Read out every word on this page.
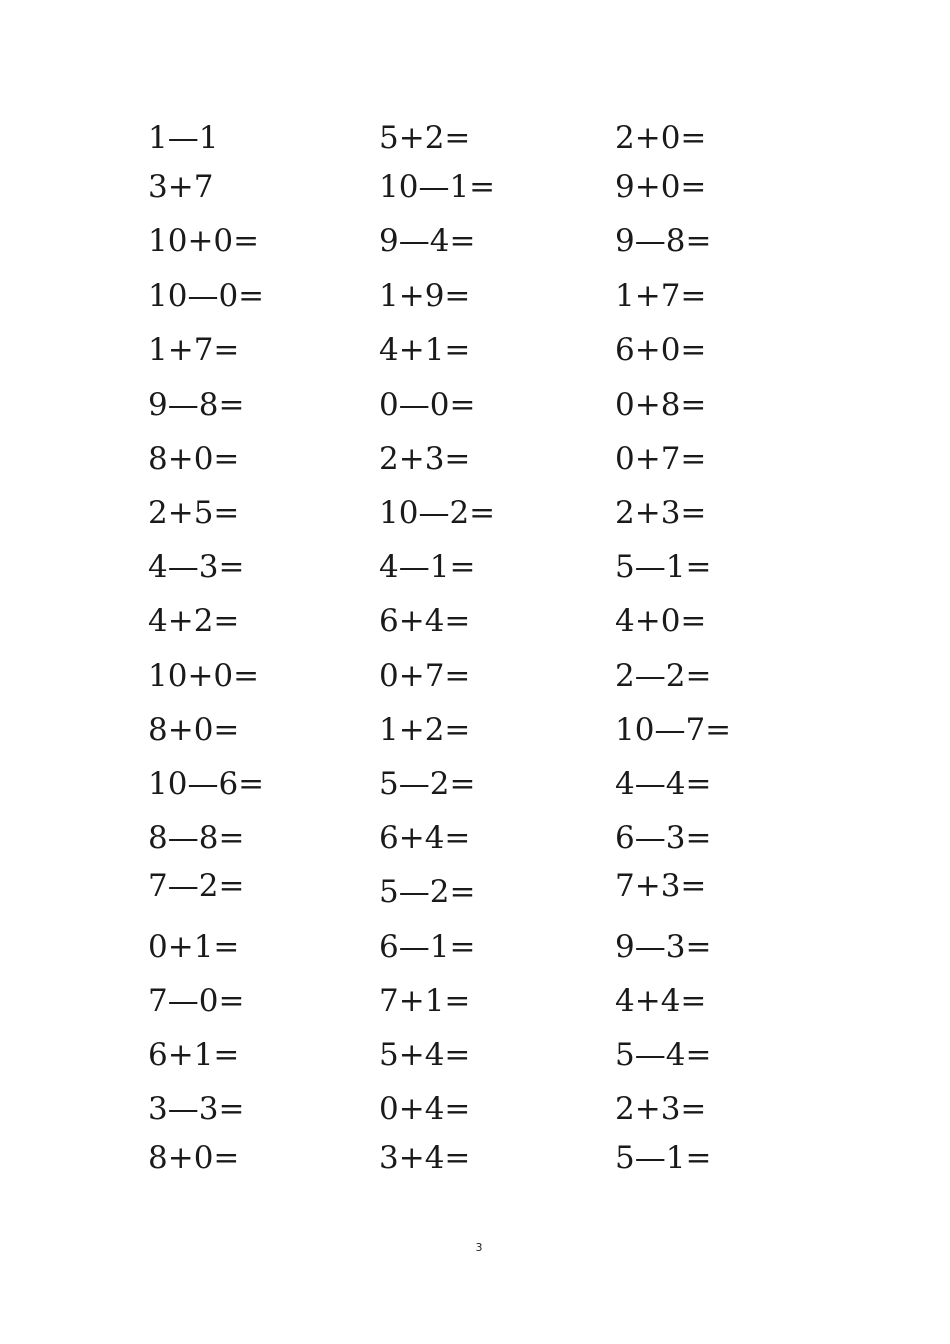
1—1	5+2=	2+0=
3+7	10—1=	9+0=
10+0=	9—4=	9—8=
10—0=	1+9=	1+7=
1+7=	4+1=	6+0=
9—8=	0—0=	0+8=
8+0=	2+3=	0+7=
2+5=	10—2=	2+3=
4—3=	4—1=	5—1=
4+2=	6+4=	4+0=
10+0=	0+7=	2—2=
8+0=	1+2=	10—7=
10—6=	5—2=	4—4=
8—8=	6+4=	6—3=
7—2=	5—2=	7+3=
0+1=	6—1=	9—3=
7—0=	7+1=	4+4=
6+1=	5+4=	5—4=
3—3=	0+4=	2+3=
8+0=	3+4=	5—1=
3
